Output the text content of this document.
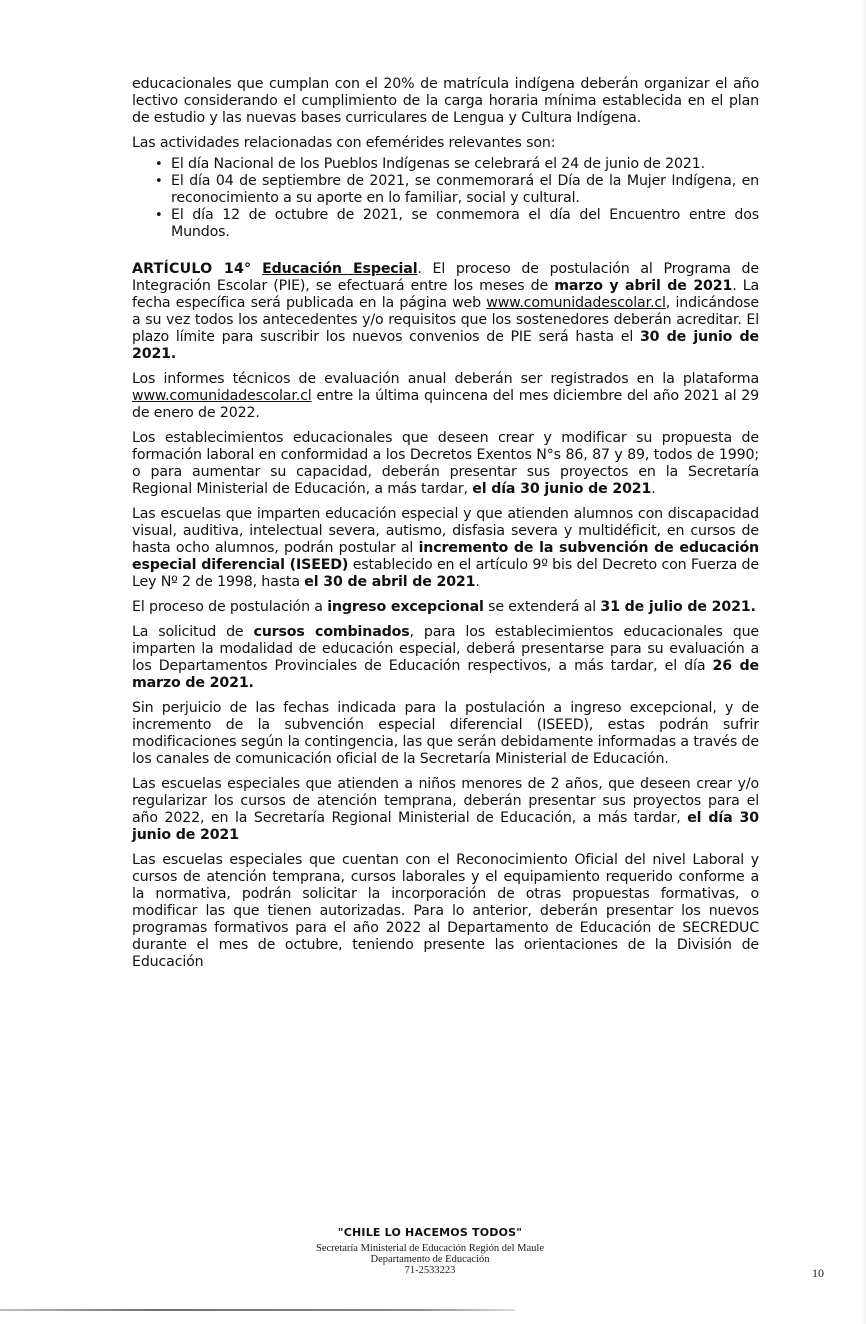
educacionales que cumplan con el 20% de matrícula indígena deberán organizar el año lectivo considerando el cumplimiento de la carga horaria mínima establecida en el plan de estudio y las nuevas bases curriculares de Lengua y Cultura Indígena.

Las actividades relacionadas con efemérides relevantes son:

• El día Nacional de los Pueblos Indígenas se celebrará el 24 de junio de 2021.
• El día 04 de septiembre de 2021, se conmemorará el Día de la Mujer Indígena, en reconocimiento a su aporte en lo familiar, social y cultural.
• El día 12 de octubre de 2021, se conmemora el día del Encuentro entre dos Mundos.

ARTÍCULO 14° Educación Especial. El proceso de postulación al Programa de Integración Escolar (PIE), se efectuará entre los meses de marzo y abril de 2021. La fecha específica será publicada en la página web www.comunidadescolar.cl, indicándose a su vez todos los antecedentes y/o requisitos que los sostenedores deberán acreditar. El plazo límite para suscribir los nuevos convenios de PIE será hasta el 30 de junio de 2021.

Los informes técnicos de evaluación anual deberán ser registrados en la plataforma www.comunidadescolar.cl entre la última quincena del mes diciembre del año 2021 al 29 de enero de 2022.

Los establecimientos educacionales que deseen crear y modificar su propuesta de formación laboral en conformidad a los Decretos Exentos N°s 86, 87 y 89, todos de 1990; o para aumentar su capacidad, deberán presentar sus proyectos en la Secretaría Regional Ministerial de Educación, a más tardar, el día 30 junio de 2021.

Las escuelas que imparten educación especial y que atienden alumnos con discapacidad visual, auditiva, intelectual severa, autismo, disfasia severa y multidéficit, en cursos de hasta ocho alumnos, podrán postular al incremento de la subvención de educación especial diferencial (ISEED) establecido en el artículo 9º bis del Decreto con Fuerza de Ley Nº 2 de 1998, hasta el 30 de abril de 2021.

El proceso de postulación a ingreso excepcional se extenderá al 31 de julio de 2021.

La solicitud de cursos combinados, para los establecimientos educacionales que imparten la modalidad de educación especial, deberá presentarse para su evaluación a los Departamentos Provinciales de Educación respectivos, a más tardar, el día 26 de marzo de 2021.

Sin perjuicio de las fechas indicada para la postulación a ingreso excepcional, y de incremento de la subvención especial diferencial (ISEED), estas podrán sufrir modificaciones según la contingencia, las que serán debidamente informadas a través de los canales de comunicación oficial de la Secretaría Ministerial de Educación.

Las escuelas especiales que atienden a niños menores de 2 años, que deseen crear y/o regularizar los cursos de atención temprana, deberán presentar sus proyectos para el año 2022, en la Secretaría Regional Ministerial de Educación, a más tardar, el día 30 junio de 2021

Las escuelas especiales que cuentan con el Reconocimiento Oficial del nivel Laboral y cursos de atención temprana, cursos laborales y el equipamiento requerido conforme a la normativa, podrán solicitar la incorporación de otras propuestas formativas, o modificar las que tienen autorizadas. Para lo anterior, deberán presentar los nuevos programas formativos para el año 2022 al Departamento de Educación de SECREDUC durante el mes de octubre, teniendo presente las orientaciones de la División de Educación

"CHILE LO HACEMOS TODOS"
Secretaría Ministerial de Educación Región del Maule
Departamento de Educación
71-2533223	10
